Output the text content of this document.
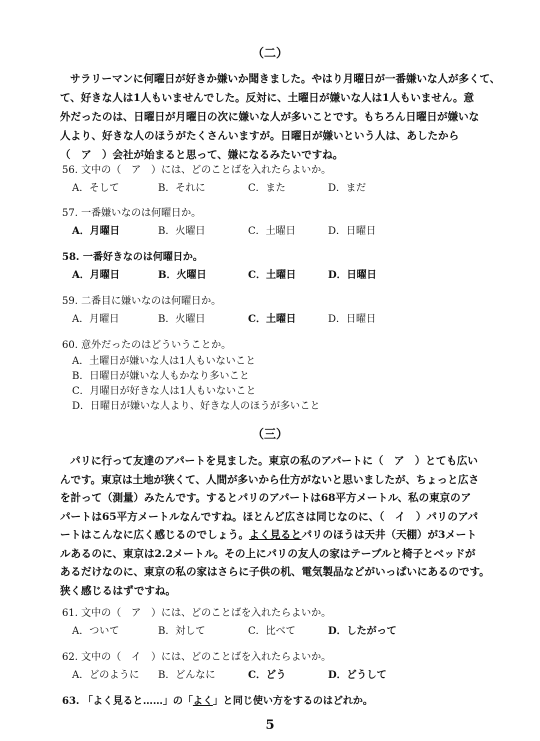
（二）
サラリーマンに何曜日が好きか嫌いか聞きました。やはり月曜日が一番嫌いな人が多くて、
て、好きな人は1人もいませんでした。反対に、土曜日が嫌いな人は1人もいません。意
外だったのは、日曜日が月曜日の次に嫌いな人が多いことです。もちろん日曜日が嫌いな
人より、好きな人のほうがたくさんいますが。日曜日が嫌いという人は、あしたから
（　ア　）会社が始まると思って、嫌になるみたいですね。
56. 文中の（　ア　）には、どのことばを入れたらよいか。
A．そして	B．それに	C．また	D．まだ
57. 一番嫌いなのは何曜日か。
A．月曜日	B．火曜日	C．土曜日	D．日曜日
58. 一番好きなのは何曜日か。
A．月曜日	B．火曜日	C．土曜日	D．日曜日
59. 二番目に嫌いなのは何曜日か。
A．月曜日	B．火曜日	C．土曜日	D．日曜日
60. 意外だったのはどういうことか。
A．土曜日が嫌いな人は1人もいないこと
B．日曜日が嫌いな人もかなり多いこと
C．月曜日が好きな人は1人もいないこと
D．日曜日が嫌いな人より、好きな人のほうが多いこと
（三）
パリに行って友達のアパートを見ました。東京の私のアパートに（　ア　）とても広い
んです。東京は土地が狭くて、人間が多いから仕方がないと思いましたが、ちょっと広さ
を計って（測量）みたんです。するとパリのアパートは68平方メートル、私の東京のア
パートは65平方メートルなんですね。ほとんど広さは同じなのに、（　イ　）パリのアパ
ートはこんなに広く感じるのでしょう。よく見るとパリのほうは天井（天棚）が3メート
ルあるのに、東京は2.2メートル。その上にパリの友人の家はテーブルと椅子とベッドが
あるだけなのに、東京の私の家はさらに子供の机、電気製品などがいっぱいにあるのです。
狭く感じるはずですね。
61. 文中の（　ア　）には、どのことばを入れたらよいか。
A．ついて	B．対して	C．比べて	D．したがって
62. 文中の（　イ　）には、どのことばを入れたらよいか。
A．どのように	B．どんなに	C．どう	D．どうして
63. 「よく見ると……」の「よく」と同じ使い方をするのはどれか。
5
